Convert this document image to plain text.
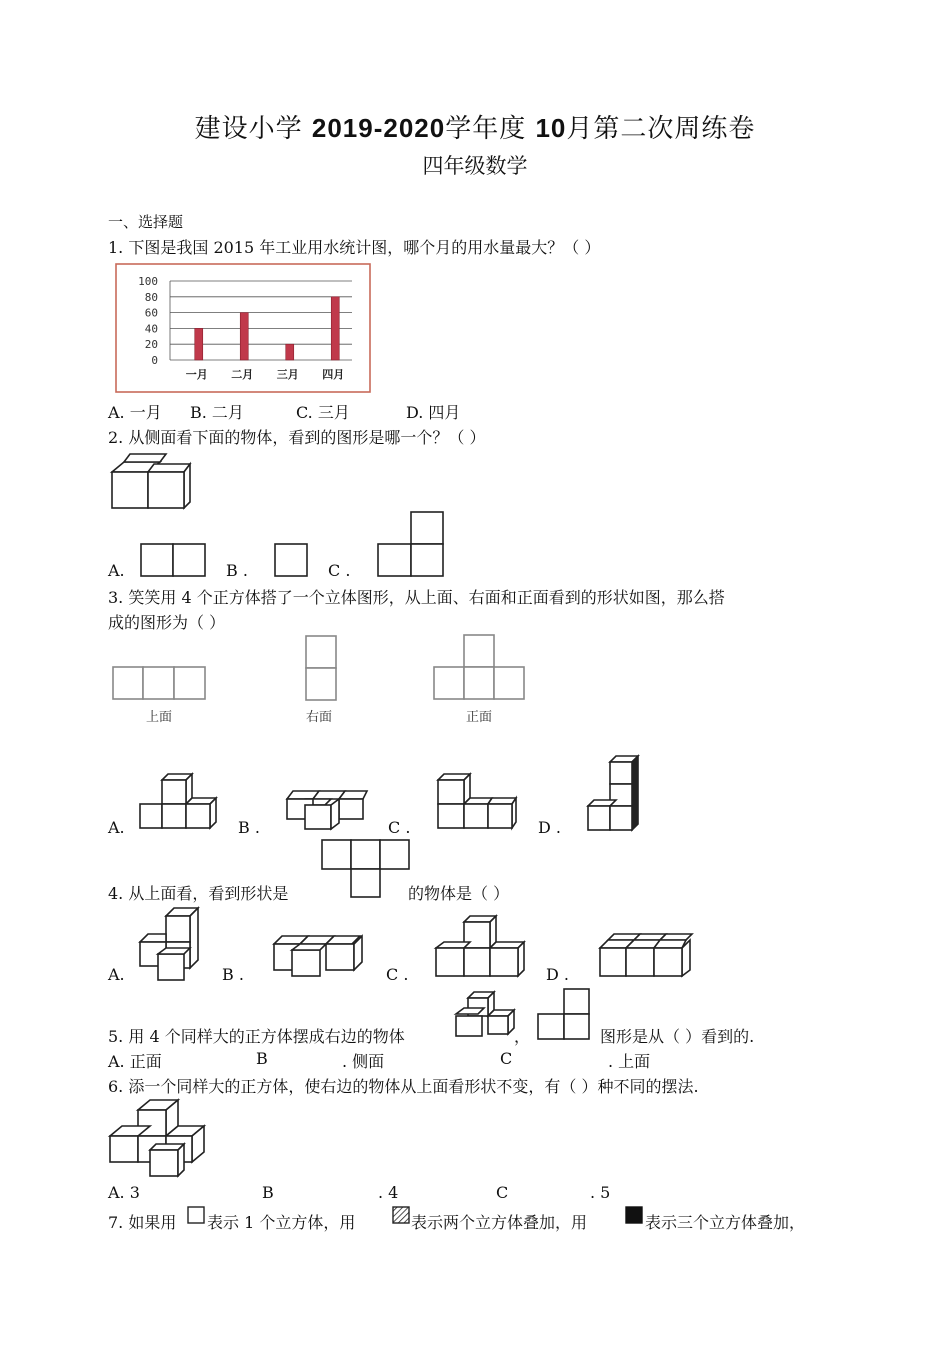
建设小学 2019-2020学年度 10月第二次周练卷
四年级数学
一、选择题
1. 下图是我国 2015 年工业用水统计图，哪个月的用水量最大？（ ）
100
80
60
40
20
0
一月 二月 三月 四月
A. 一月 B. 二月	C. 三月	D. 四月
2. 从侧面看下面的物体，看到的图形是哪一个？（ ）
A.	B .	C .
3. 笑笑用 4 个正方体搭了一个立体图形，从上面、右面和正面看到的形状如图，那么搭
成的图形为（ ）
上面	右面	正面
A.	B .	C .	D .
4. 从上面看，看到形状是	的物体是（ ）
A.	B .	C .	D .
5. 用 4 个同样大的正方体摆成右边的物体	，	图形是从（ ）看到的.
A. 正面	B	. 侧面	C	. 上面
6. 添一个同样大的正方体，使右边的物体从上面看形状不变，有（ ）种不同的摆法.
A. 3	B	. 4	C	. 5
7. 如果用 表示 1 个立方体，用	表示两个立方体叠加，用	表示三个立方体叠加，
